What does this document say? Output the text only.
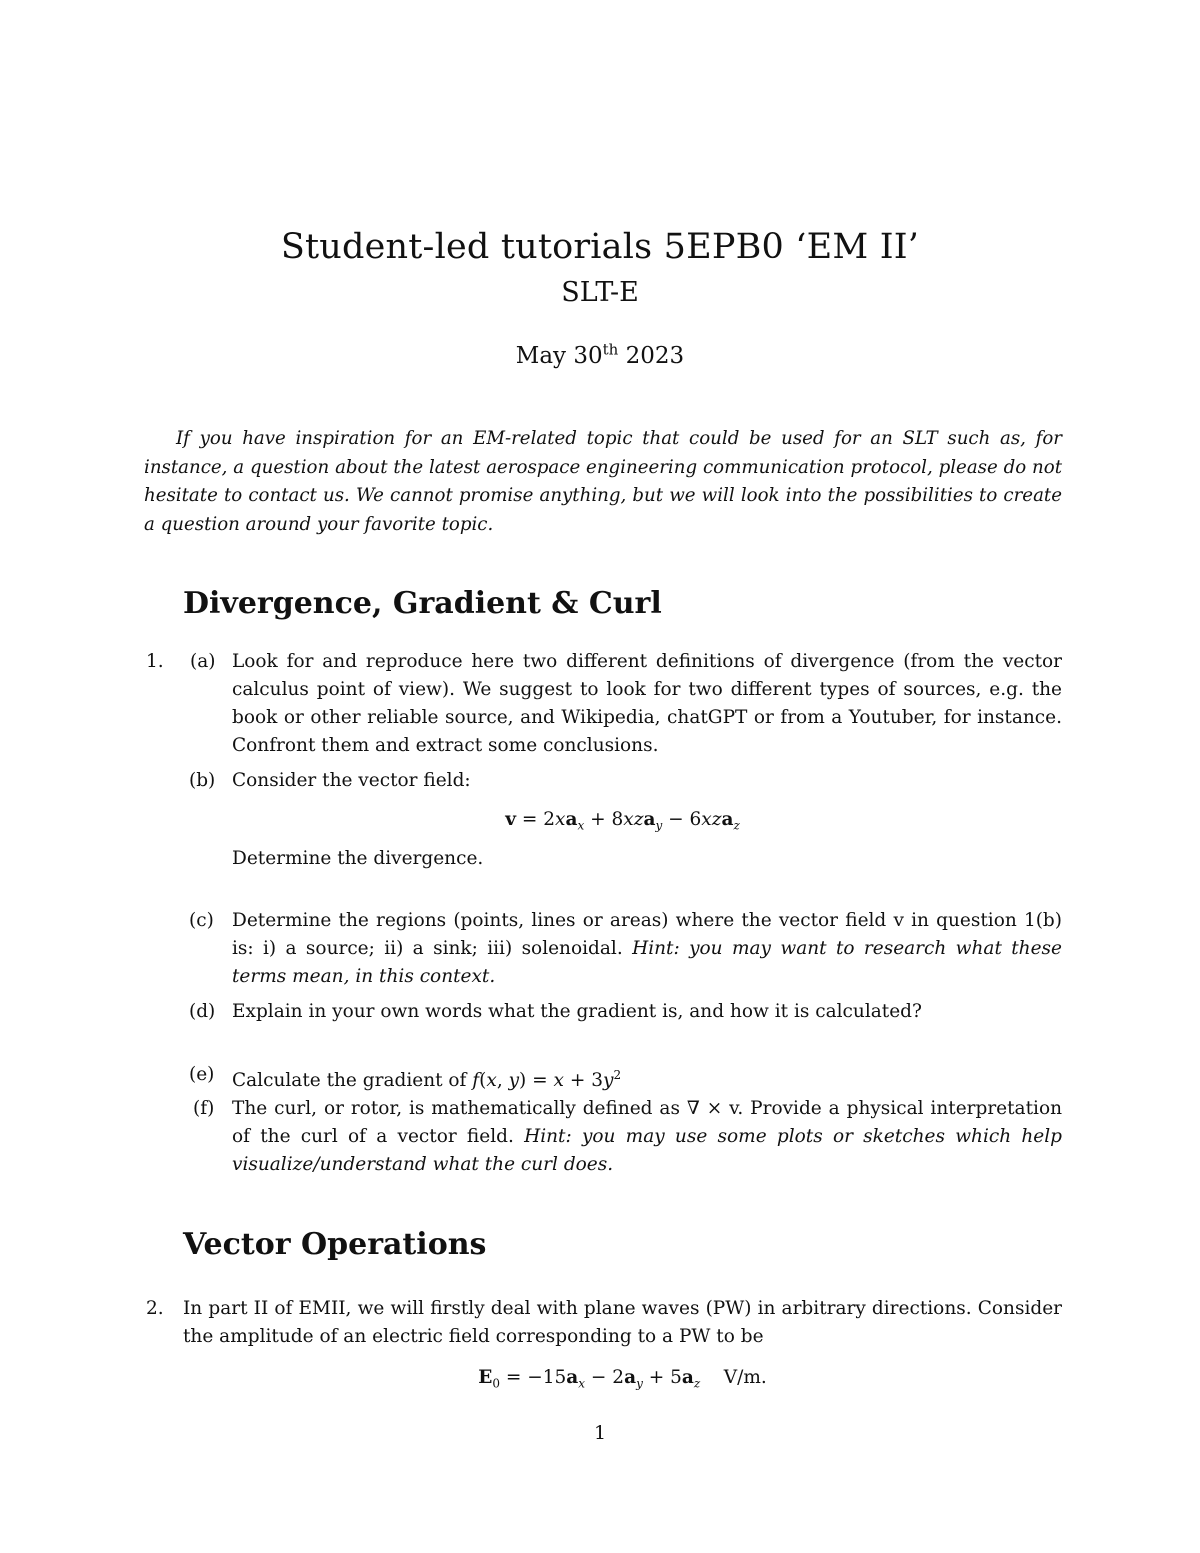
Student-led tutorials 5EPB0 ‘EM II’
SLT-E
May 30th 2023

If you have inspiration for an EM-related topic that could be used for an SLT such as, for instance, a question about the latest aerospace engineering communication protocol, please do not hesitate to contact us. We cannot promise anything, but we will look into the possibilities to create a question around your favorite topic.

Divergence, Gradient & Curl
1. (a) Look for and reproduce here two different definitions of divergence (from the vector calculus point of view). We suggest to look for two different types of sources, e.g. the book or other reliable source, and Wikipedia, chatGPT or from a Youtuber, for instance. Confront them and extract some conclusions.

(b) Consider the vector field:

$v = 2xa_x + 8xza_y - 6xza_z$

Determine the divergence.

(c) Determine the regions (points, lines or areas) where the vector field v in question 1(b) is: i) a source; ii) a sink; iii) solenoidal. Hint: you may want to research what these terms mean, in this context.

(d) Explain in your own words what the gradient is, and how it is calculated?

(e) Calculate the gradient of f(x, $y) = x + 3y^2$

(f) The curl, or rotor, is mathematically defined as ∇ × v. Provide a physical interpretation of the curl of a vector field. Hint: you may use some plots or sketches which help visualize/understand what the curl does.

Vector Operations
2. In part II of EMII, we will firstly deal with plane waves (PW) in arbitrary directions. Consider the amplitude of an electric field corresponding to a PW to be

$E_0 = -15a_x - 2a_y + 5a_z$    V/m.
1
